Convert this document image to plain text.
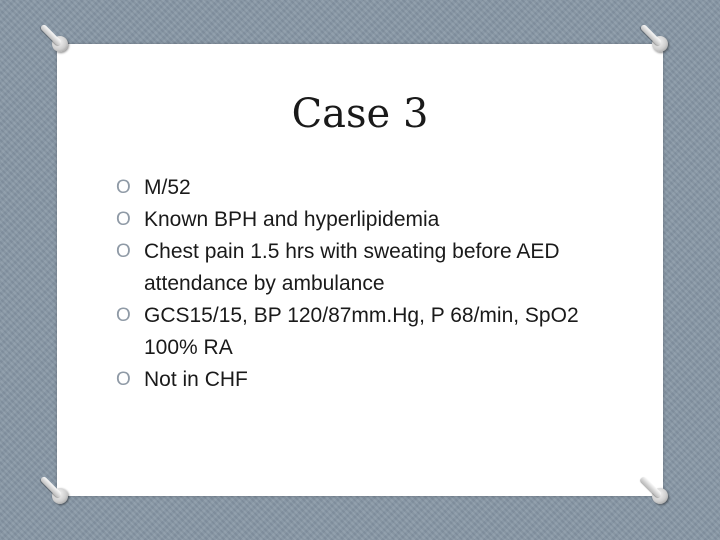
Case 3
O M/52
O Known BPH and hyperlipidemia
O Chest pain 1.5 hrs with sweating before AED attendance by ambulance
O GCS15/15, BP 120/87mm.Hg, P 68/min, SpO2 100% RA
O Not in CHF
